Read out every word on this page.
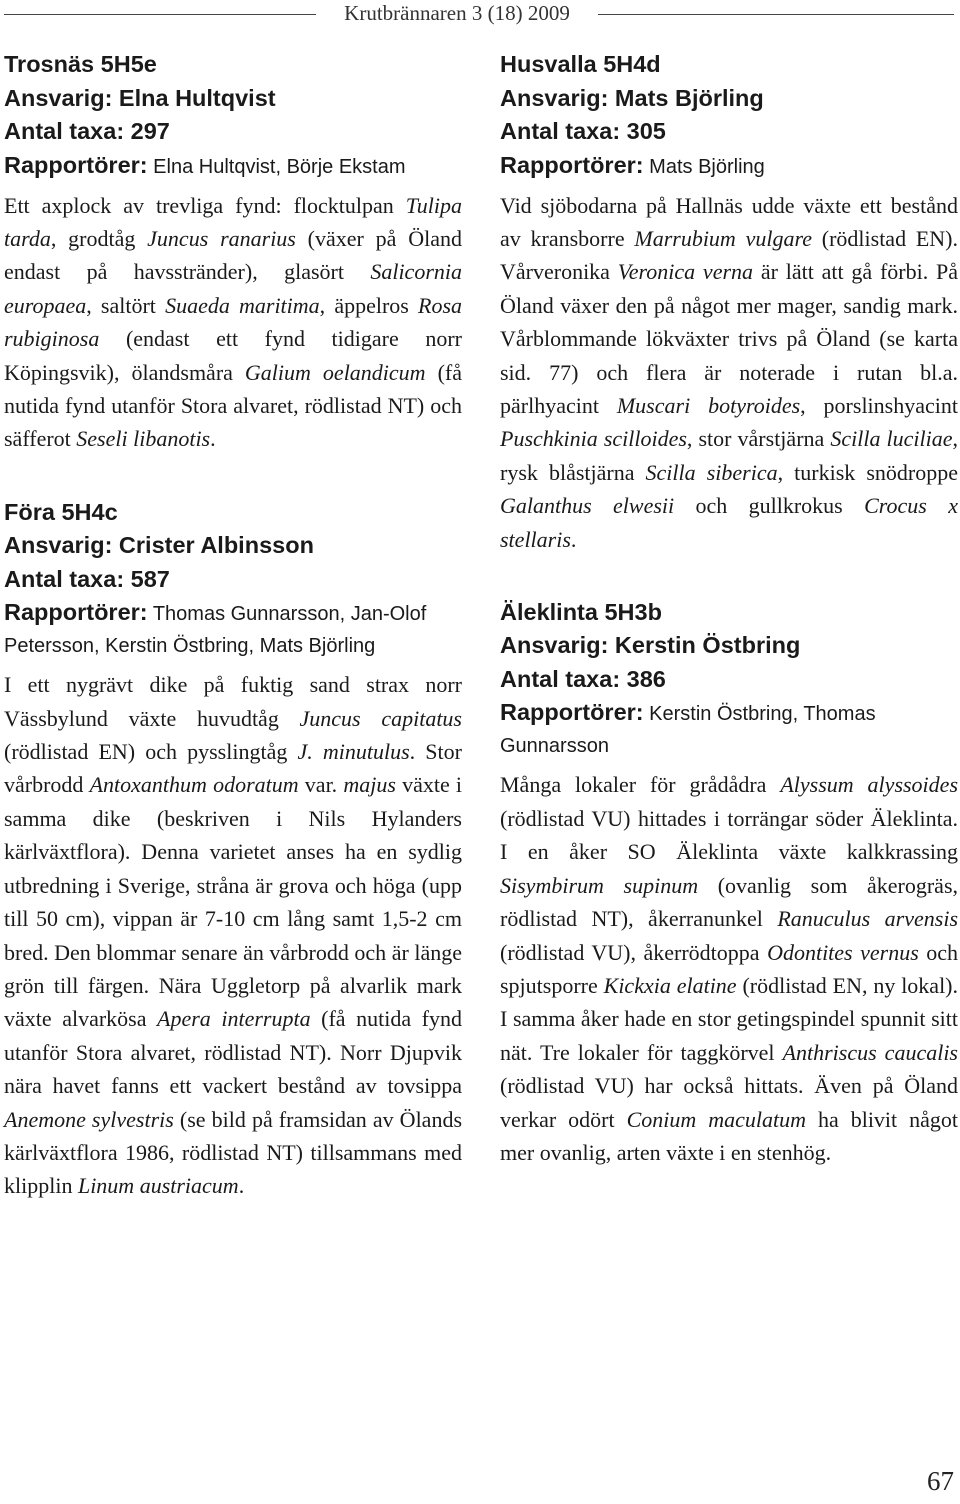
Krutbrännaren 3 (18) 2009
Trosnäs 5H5e
Ansvarig: Elna Hultqvist
Antal taxa: 297
Rapportörer: Elna Hultqvist, Börje Ekstam

Ett axplock av trevliga fynd: flocktulpan Tulipa tarda, grodtåg Juncus ranarius (växer på Öland endast på havsstränder), glasört Salicornia europaea, saltört Suaeda maritima, äppelros Rosa rubiginosa (endast ett fynd tidigare norr Köpingsvik), ölandsmåra Galium oelandicum (få nutida fynd utanför Stora alvaret, rödlistad NT) och säfferot Seseli libanotis.

Föra 5H4c
Ansvarig: Crister Albinsson
Antal taxa: 587
Rapportörer: Thomas Gunnarsson, Jan-Olof Petersson, Kerstin Östbring, Mats Björling

I ett nygrävt dike på fuktig sand strax norr Vässbylund växte huvudtåg Juncus capitatus (rödlistad EN) och pysslingtåg J. minutulus. Stor vårbrodd Antoxanthum odoratum var. majus växte i samma dike (beskriven i Nils Hylanders kärlväxtflora). Denna varietet anses ha en sydlig utbredning i Sverige, stråna är grova och höga (upp till 50 cm), vippan är 7-10 cm lång samt 1,5-2 cm bred. Den blommar senare än vårbrodd och är länge grön till färgen. Nära Uggletorp på alvarlik mark växte alvarkösa Apera interrupta (få nutida fynd utanför Stora alvaret, rödlistad NT). Norr Djupvik nära havet fanns ett vackert bestånd av tovsippa Anemone sylvestris (se bild på framsidan av Ölands kärlväxtflora 1986, rödlistad NT) tillsammans med klipplin Linum austriacum.

Husvalla 5H4d
Ansvarig: Mats Björling
Antal taxa: 305
Rapportörer: Mats Björling

Vid sjöbodarna på Hallnäs udde växte ett bestånd av kransborre Marrubium vulgare (rödlistad EN). Vårveronika Veronica verna är lätt att gå förbi. På Öland växer den på något mer mager, sandig mark. Vårblommande lökväxter trivs på Öland (se karta sid. 77) och flera är noterade i rutan bl.a. pärlhyacint Muscari botyroides, porslinshyacint Puschkinia scilloides, stor vårstjärna Scilla luciliae, rysk blåstjärna Scilla siberica, turkisk snödroppe Galanthus elwesii och gullkrokus Crocus x stellaris.

Äleklinta 5H3b
Ansvarig: Kerstin Östbring
Antal taxa: 386
Rapportörer: Kerstin Östbring, Thomas Gunnarsson

Många lokaler för grådådra Alyssum alyssoides (rödlistad VU) hittades i torrängar söder Äleklinta. I en åker SO Äleklinta växte kalkkrassing Sisymbirum supinum (ovanlig som åkerogräs, rödlistad NT), åkerranunkel Ranuculus arvensis (rödlistad VU), åkerrödtoppa Odontites vernus och spjutsporre Kickxia elatine (rödlistad EN, ny lokal). I samma åker hade en stor getingspindel spunnit sitt nät. Tre lokaler för taggkörvel Anthriscus caucalis (rödlistad VU) har också hittats. Även på Öland verkar odört Conium maculatum ha blivit något mer ovanlig, arten växte i en stenhög.

67
